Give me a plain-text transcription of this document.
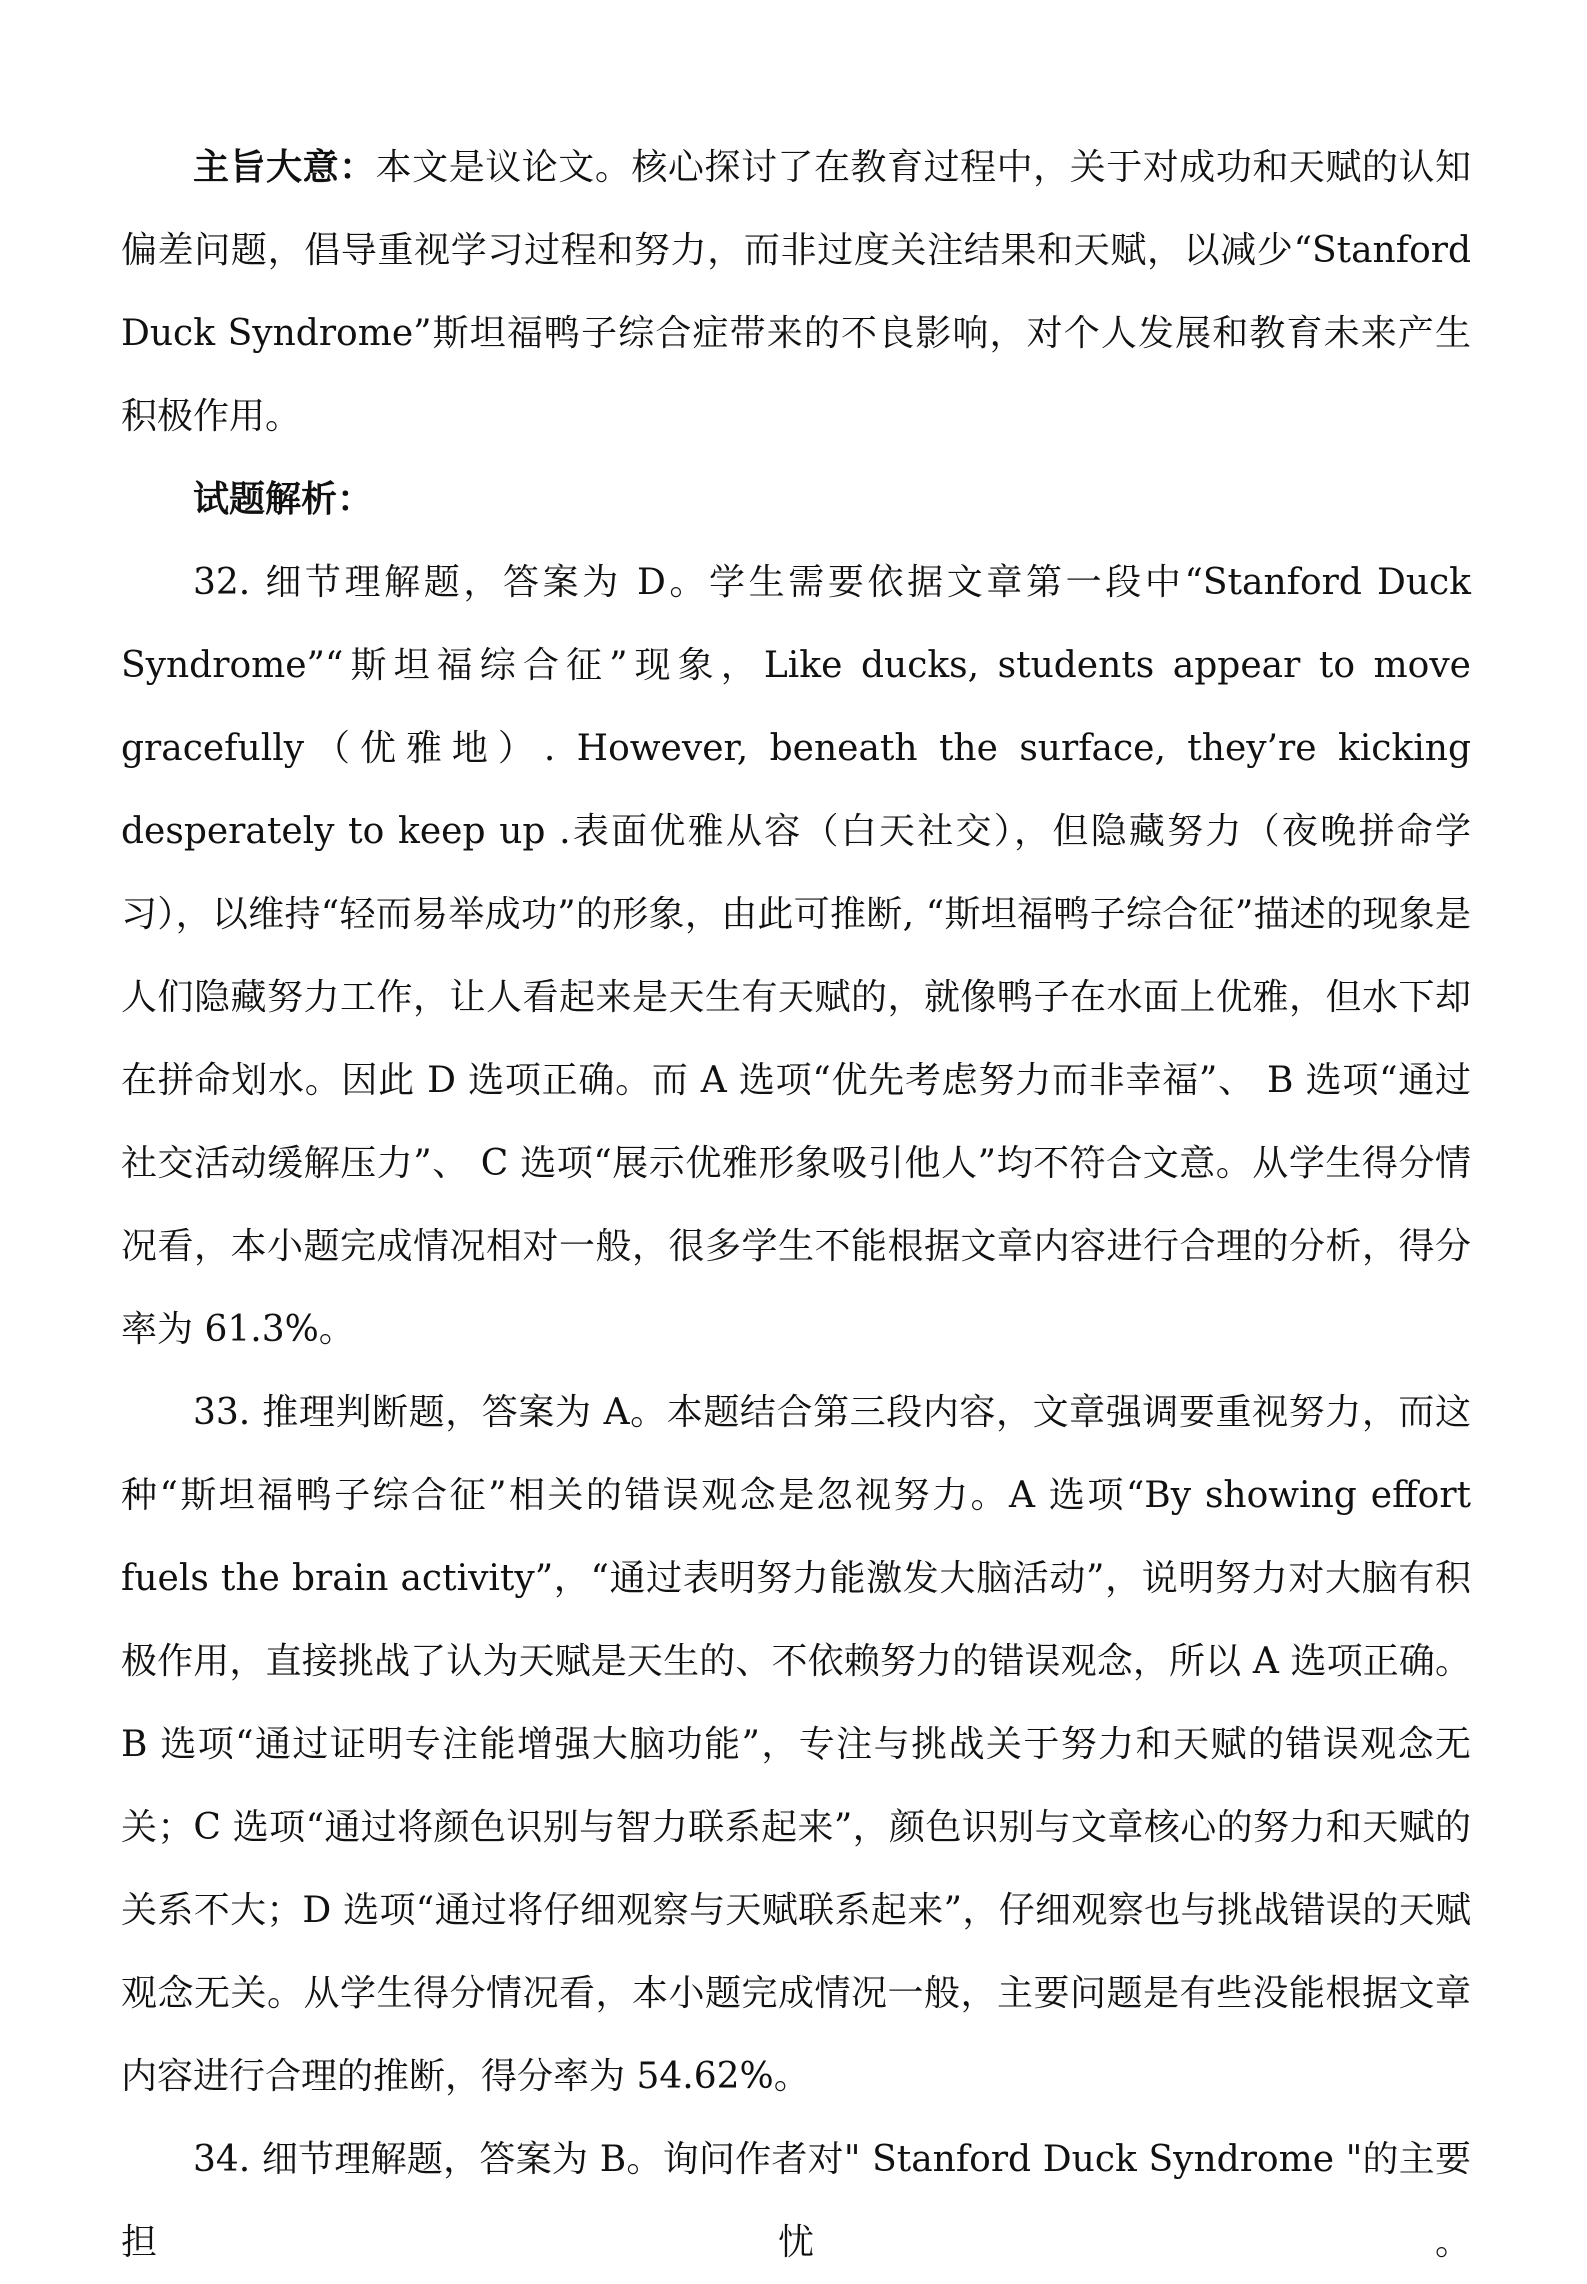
主旨大意：本文是议论文。核心探讨了在教育过程中，关于对成功和天赋的认知偏差问题，倡导重视学习过程和努力，而非过度关注结果和天赋，以减少“Stanford Duck Syndrome”斯坦福鸭子综合症带来的不良影响，对个人发展和教育未来产生积极作用。

试题解析：

32. 细节理解题，答案为 D。学生需要依据文章第一段中“Stanford Duck Syndrome”“斯坦福综合征”现象，Like ducks, students appear to move gracefully（优雅地）. However, beneath the surface, they’re kicking desperately to keep up .表面优雅从容（白天社交），但隐藏努力（夜晚拼命学习），以维持“轻而易举成功”的形象，由此可推断, “斯坦福鸭子综合征”描述的现象是人们隐藏努力工作，让人看起来是天生有天赋的，就像鸭子在水面上优雅，但水下却在拼命划水。因此 D 选项正确。而 A 选项“优先考虑努力而非幸福”、 B 选项“通过社交活动缓解压力”、 C 选项“展示优雅形象吸引他人”均不符合文意。从学生得分情况看，本小题完成情况相对一般，很多学生不能根据文章内容进行合理的分析，得分率为 61.3%。

33. 推理判断题，答案为 A。本题结合第三段内容，文章强调要重视努力，而这种“斯坦福鸭子综合征”相关的错误观念是忽视努力。A 选项“By showing effort fuels the brain activity”，“通过表明努力能激发大脑活动”，说明努力对大脑有积极作用，直接挑战了认为天赋是天生的、不依赖努力的错误观念，所以 A 选项正确。B 选项“通过证明专注能增强大脑功能”，专注与挑战关于努力和天赋的错误观念无关；C 选项“通过将颜色识别与智力联系起来”，颜色识别与文章核心的努力和天赋的关系不大；D 选项“通过将仔细观察与天赋联系起来”，仔细观察也与挑战错误的天赋观念无关。从学生得分情况看，本小题完成情况一般，主要问题是有些没能根据文章内容进行合理的推断，得分率为 54.62%。

34. 细节理解题，答案为 B。询问作者对" Stanford Duck Syndrome "的主要担忧。
